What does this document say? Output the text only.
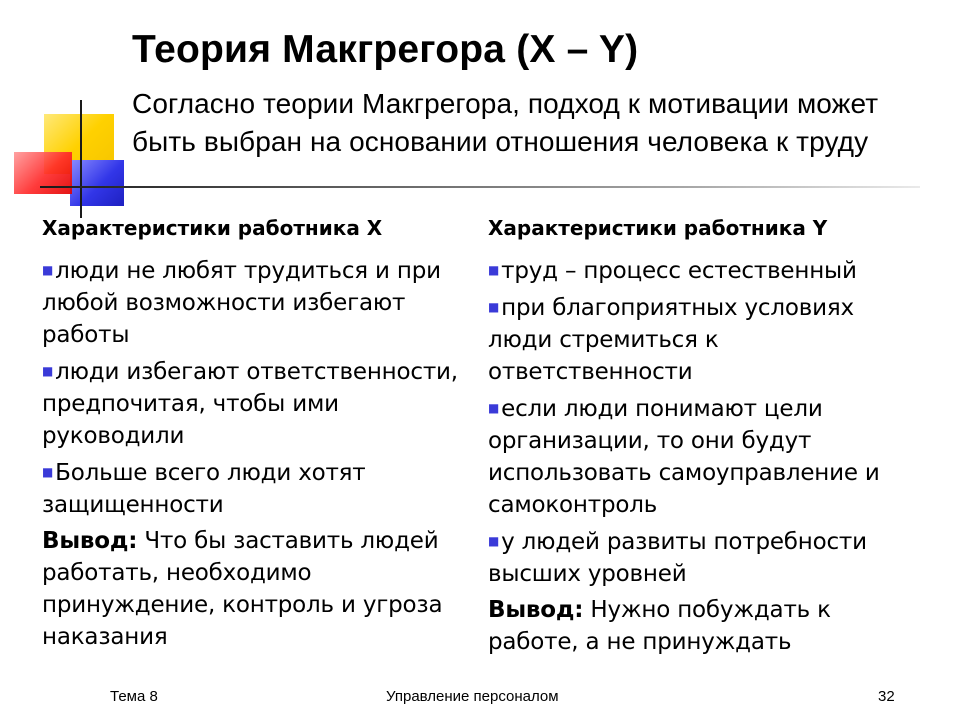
Теория Макгрегора (X – Y)
Согласно теории Макгрегора, подход к мотивации может быть выбран на основании отношения человека к труду
Характеристики работника Х
■люди не любят трудиться и при любой возможности избегают работы
■люди избегают ответственности, предпочитая, чтобы ими руководили
■Больше всего люди хотят защищенности
Вывод: Что бы заставить людей работать, необходимо принуждение, контроль и угроза наказания
Характеристики работника Y
■труд – процесс естественный
■при благоприятных условиях люди стремиться к ответственности
■если люди понимают цели организации, то они будут использовать самоуправление и самоконтроль
■у людей развиты потребности высших уровней
Вывод: Нужно побуждать к работе, а не принуждать
Тема 8	Управление персоналом	32
